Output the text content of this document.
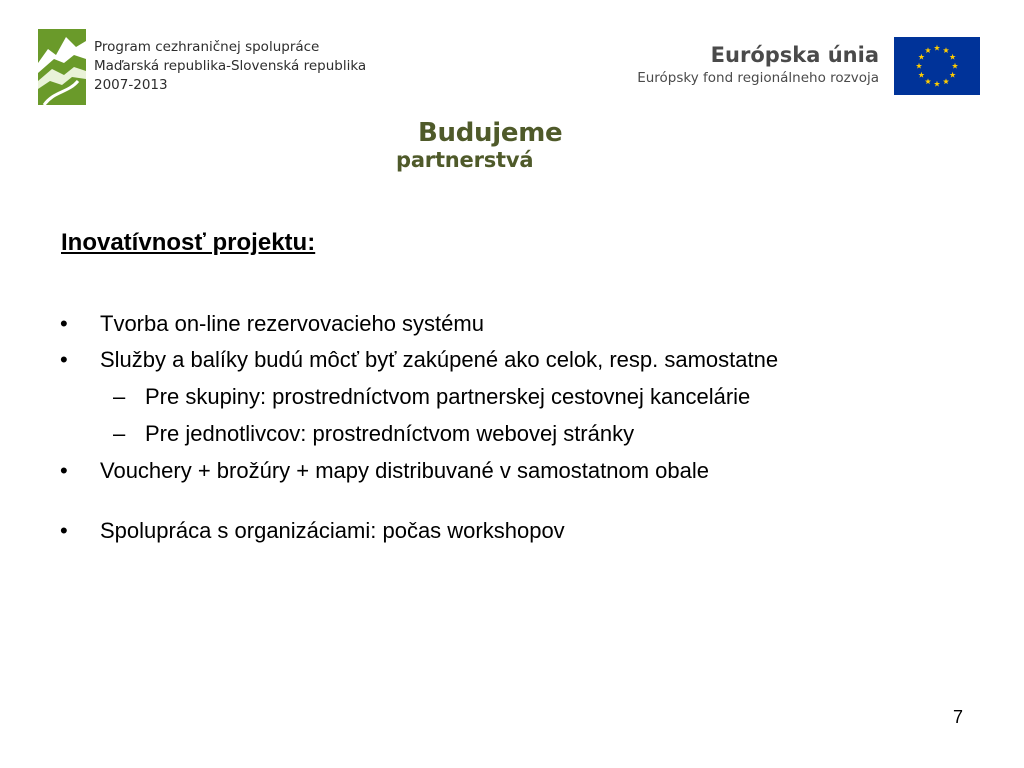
Program cezhraničnej spolupráce
Maďarská republika-Slovenská republika
2007-2013
Európska únia
Európsky fond regionálneho rozvoja
Budujeme
partnerstvá
Inovatívnosť projektu:
• Tvorba on-line rezervovacieho systému
• Služby a balíky budú môcť byť zakúpené ako celok, resp. samostatne
– Pre skupiny: prostredníctvom partnerskej cestovnej kancelárie
– Pre jednotlivcov: prostredníctvom webovej stránky
• Vouchery + brožúry + mapy distribuvané v samostatnom obale
• Spolupráca s organizáciami: počas workshopov
7
